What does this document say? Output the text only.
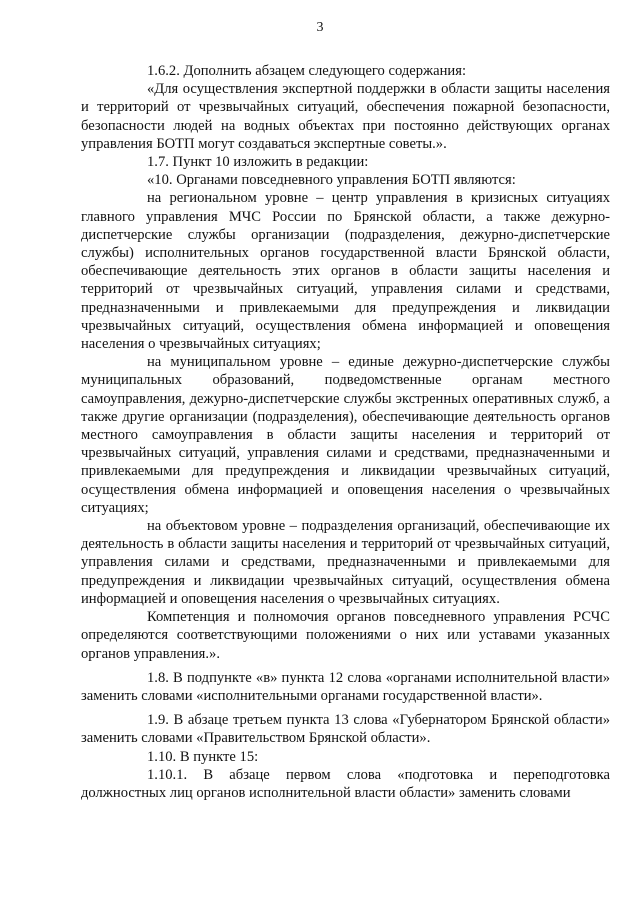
3

1.6.2. Дополнить абзацем следующего содержания:

«Для осуществления экспертной поддержки в области защиты населения и территорий от чрезвычайных ситуаций, обеспечения пожарной безопасности, безопасности людей на водных объектах при постоянно действующих органах управления БОТП могут создаваться экспертные советы.».

1.7. Пункт 10 изложить в редакции:

«10. Органами повседневного управления БОТП являются:

на региональном уровне – центр управления в кризисных ситуациях главного управления МЧС России по Брянской области, а также дежурно-диспетчерские службы организации (подразделения, дежурно-диспетчерские службы) исполнительных органов государственной власти Брянской области, обеспечивающие деятельность этих органов в области защиты населения и территорий от чрезвычайных ситуаций, управления силами и средствами, предназначенными и привлекаемыми для предупреждения и ликвидации чрезвычайных ситуаций, осуществления обмена информацией и оповещения населения о чрезвычайных ситуациях;

на муниципальном уровне – единые дежурно-диспетчерские службы муниципальных образований, подведомственные органам местного самоуправления, дежурно-диспетчерские службы экстренных оперативных служб, а также другие организации (подразделения), обеспечивающие деятельность органов местного самоуправления в области защиты населения и территорий от чрезвычайных ситуаций, управления силами и средствами, предназначенными и привлекаемыми для предупреждения и ликвидации чрезвычайных ситуаций, осуществления обмена информацией и оповещения населения о чрезвычайных ситуациях;

на объектовом уровне – подразделения организаций, обеспечивающие их деятельность в области защиты населения и территорий от чрезвычайных ситуаций, управления силами и средствами, предназначенными и привлекаемыми для предупреждения и ликвидации чрезвычайных ситуаций, осуществления обмена информацией и оповещения населения о чрезвычайных ситуациях.

Компетенция и полномочия органов повседневного управления РСЧС определяются соответствующими положениями о них или уставами указанных органов управления.».

1.8. В подпункте «в» пункта 12 слова «органами исполнительной власти» заменить словами «исполнительными органами государственной власти».

1.9. В абзаце третьем пункта 13 слова «Губернатором Брянской области» заменить словами «Правительством Брянской области».

1.10. В пункте 15:

1.10.1. В абзаце первом слова «подготовка и переподготовка должностных лиц органов исполнительной власти области» заменить словами
